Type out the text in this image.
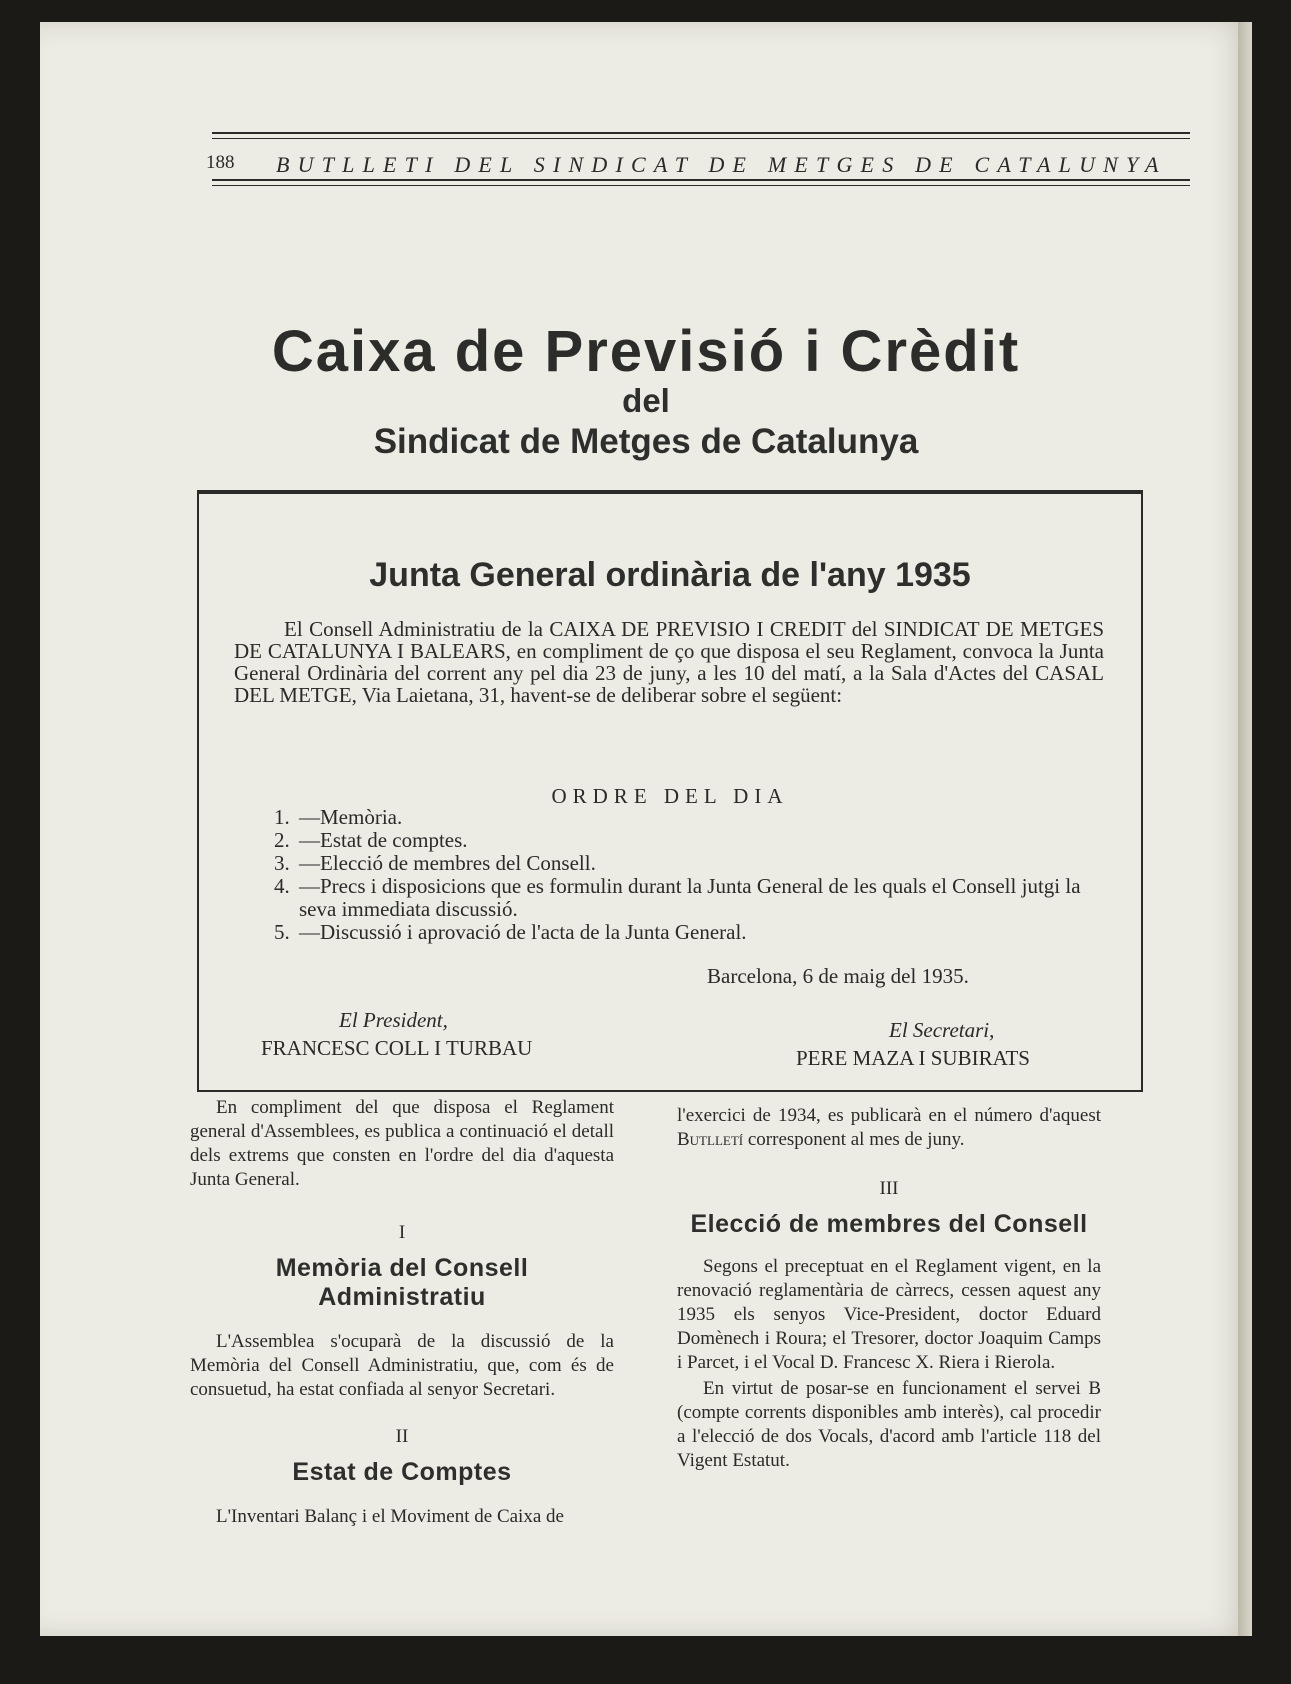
188 BUTLLETI DEL SINDICAT DE METGES DE CATALUNYA
Caixa de Previsió i Crèdit
del
Sindicat de Metges de Catalunya
Junta General ordinària de l'any 1935

El Consell Administratiu de la CAIXA DE PREVISIO I CREDIT del SINDICAT DE METGES DE CATALUNYA I BALEARS, en compliment de ço que disposa el seu Reglament, convoca la Junta General Ordinària del corrent any pel dia 23 de juny, a les 10 del matí, a la Sala d'Actes del CASAL DEL METGE, Via Laietana, 31, havent-se de deliberar sobre el següent:

ORDRE DEL DIA
1. —Memòria.
2. —Estat de comptes.
3. —Elecció de membres del Consell.
4. —Precs i disposicions que es formulin durant la Junta General de les quals el Consell jutgi la seva immediata discussió.
5. —Discussió i aprovació de l'acta de la Junta General.
Barcelona, 6 de maig del 1935.
El President,
FRANCESC COLL I TURBAU
El Secretari,
PERE MAZA I SUBIRATS

En compliment del que disposa el Reglament general d'Assemblees, es publica a continuació el detall dels extrems que consten en l'ordre del dia d'aquesta Junta General.

I

Memòria del Consell Administratiu

L'Assemblea s'ocuparà de la discussió de la Memòria del Consell Administratiu, que, com és de consuetud, ha estat confiada al senyor Secretari.

II

Estat de Comptes

L'Inventari Balanç i el Moviment de Caixa de

l'exercici de 1934, es publicarà en el número d'aquest Butlletí corresponent al mes de juny.

III

Elecció de membres del Consell

Segons el preceptuat en el Reglament vigent, en la renovació reglamentària de càrrecs, cessen aquest any 1935 els senyos Vice-President, doctor Eduard Domènech i Roura; el Tresorer, doctor Joaquim Camps i Parcet, i el Vocal D. Francesc X. Riera i Rierola.

En virtut de posar-se en funcionament el servei B (compte corrents disponibles amb interès), cal procedir a l'elecció de dos Vocals, d'acord amb l'article 118 del Vigent Estatut.
